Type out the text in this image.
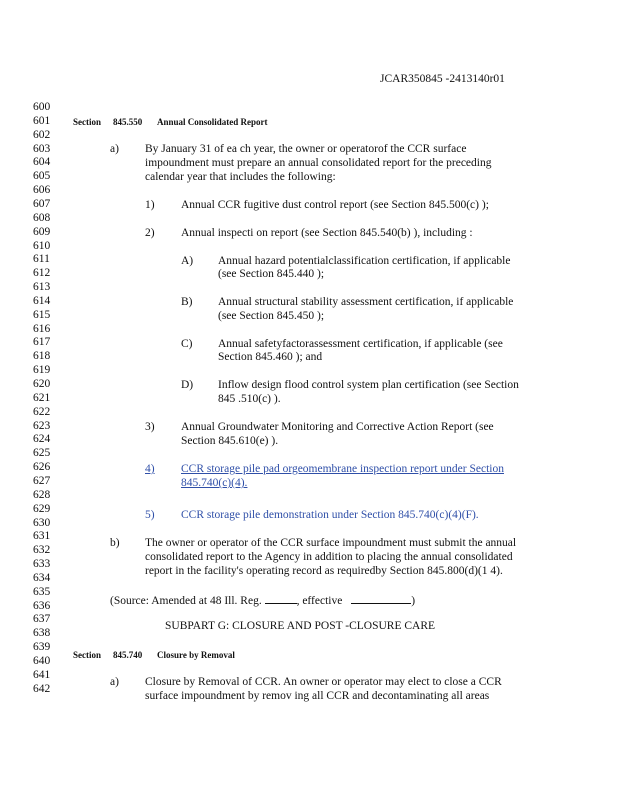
JCAR350845 -2413140r01
600
601
602
603
604
605
606
607
608
609
610
611
612
613
614
615
616
617
618
619
620
621
622
623
624
625
626
627
628
629
630
631
632
633
634
635
636
637
638
639
640
641
642
Section 845.550 Annual Consolidated Report
a) By January 31 of ea ch year, the owner or operatorof the CCR surface
impoundment must prepare an annual consolidated report for the preceding
calendar year that includes the following:
1) Annual CCR fugitive dust control report (see Section 845.500(c) );
2) Annual inspecti on report (see Section 845.540(b) ), including :
A) Annual hazard potentialclassification certification, if applicable
(see Section 845.440 );
B) Annual structural stability assessment certification, if applicable
(see Section 845.450 );
C) Annual safetyfactorassessment certification, if applicable (see
Section 845.460 ); and
D) Inflow design flood control system plan certification (see Section
845 .510(c) ).
3) Annual Groundwater Monitoring and Corrective Action Report (see
Section 845.610(e) ).
4) CCR storage pile pad orgeomembrane inspection report under Section
845.740(c)(4).
5) CCR storage pile demonstration under Section 845.740(c)(4)(F).
b) The owner or operator of the CCR surface impoundment must submit the annual
consolidated report to the Agency in addition to placing the annual consolidated
report in the facility's operating record as requiredby Section 845.800(d)(1 4).
(Source: Amended at 48 Ill. Reg.	, effective	)
SUBPART G: CLOSURE AND POST -CLOSURE CARE
Section 845.740 Closure by Removal
a) Closure by Removal of CCR. An owner or operator may elect to close a CCR
surface impoundment by remov ing all CCR and decontaminating all areas
